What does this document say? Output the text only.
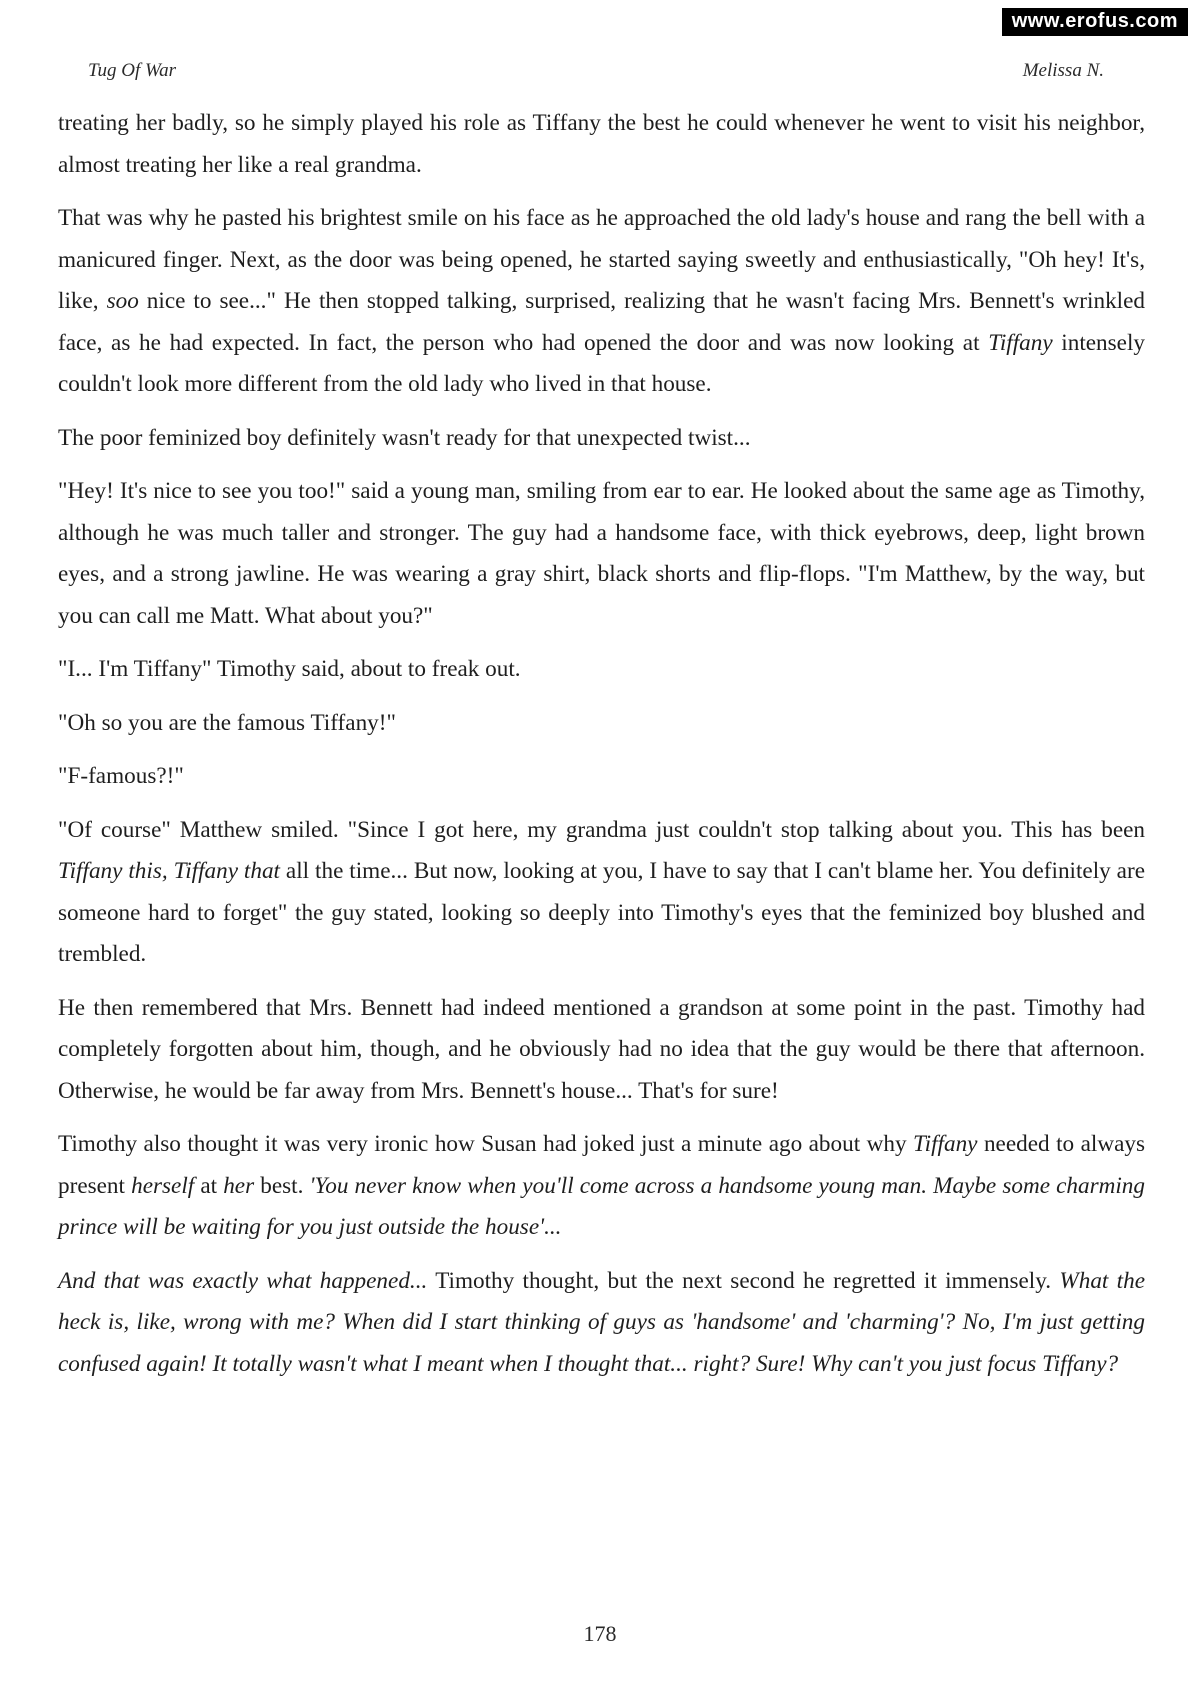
www.erofus.com
Tug Of War	Melissa N.

treating her badly, so he simply played his role as Tiffany the best he could whenever he went to visit his neighbor, almost treating her like a real grandma.

That was why he pasted his brightest smile on his face as he approached the old lady's house and rang the bell with a manicured finger. Next, as the door was being opened, he started saying sweetly and enthusiastically, "Oh hey! It's, like, soo nice to see..." He then stopped talking, surprised, realizing that he wasn't facing Mrs. Bennett's wrinkled face, as he had expected. In fact, the person who had opened the door and was now looking at Tiffany intensely couldn't look more different from the old lady who lived in that house.

The poor feminized boy definitely wasn't ready for that unexpected twist...

"Hey! It's nice to see you too!" said a young man, smiling from ear to ear. He looked about the same age as Timothy, although he was much taller and stronger. The guy had a handsome face, with thick eyebrows, deep, light brown eyes, and a strong jawline. He was wearing a gray shirt, black shorts and flip-flops. "I'm Matthew, by the way, but you can call me Matt. What about you?"

"I... I'm Tiffany" Timothy said, about to freak out.

"Oh so you are the famous Tiffany!"

"F-famous?!"

"Of course" Matthew smiled. "Since I got here, my grandma just couldn't stop talking about you. This has been Tiffany this, Tiffany that all the time... But now, looking at you, I have to say that I can't blame her. You definitely are someone hard to forget" the guy stated, looking so deeply into Timothy's eyes that the feminized boy blushed and trembled.

He then remembered that Mrs. Bennett had indeed mentioned a grandson at some point in the past. Timothy had completely forgotten about him, though, and he obviously had no idea that the guy would be there that afternoon. Otherwise, he would be far away from Mrs. Bennett's house... That's for sure!

Timothy also thought it was very ironic how Susan had joked just a minute ago about why Tiffany needed to always present herself at her best. 'You never know when you'll come across a handsome young man. Maybe some charming prince will be waiting for you just outside the house'...

And that was exactly what happened... Timothy thought, but the next second he regretted it immensely. What the heck is, like, wrong with me? When did I start thinking of guys as 'handsome' and 'charming'? No, I'm just getting confused again! It totally wasn't what I meant when I thought that... right? Sure! Why can't you just focus Tiffany?

178
